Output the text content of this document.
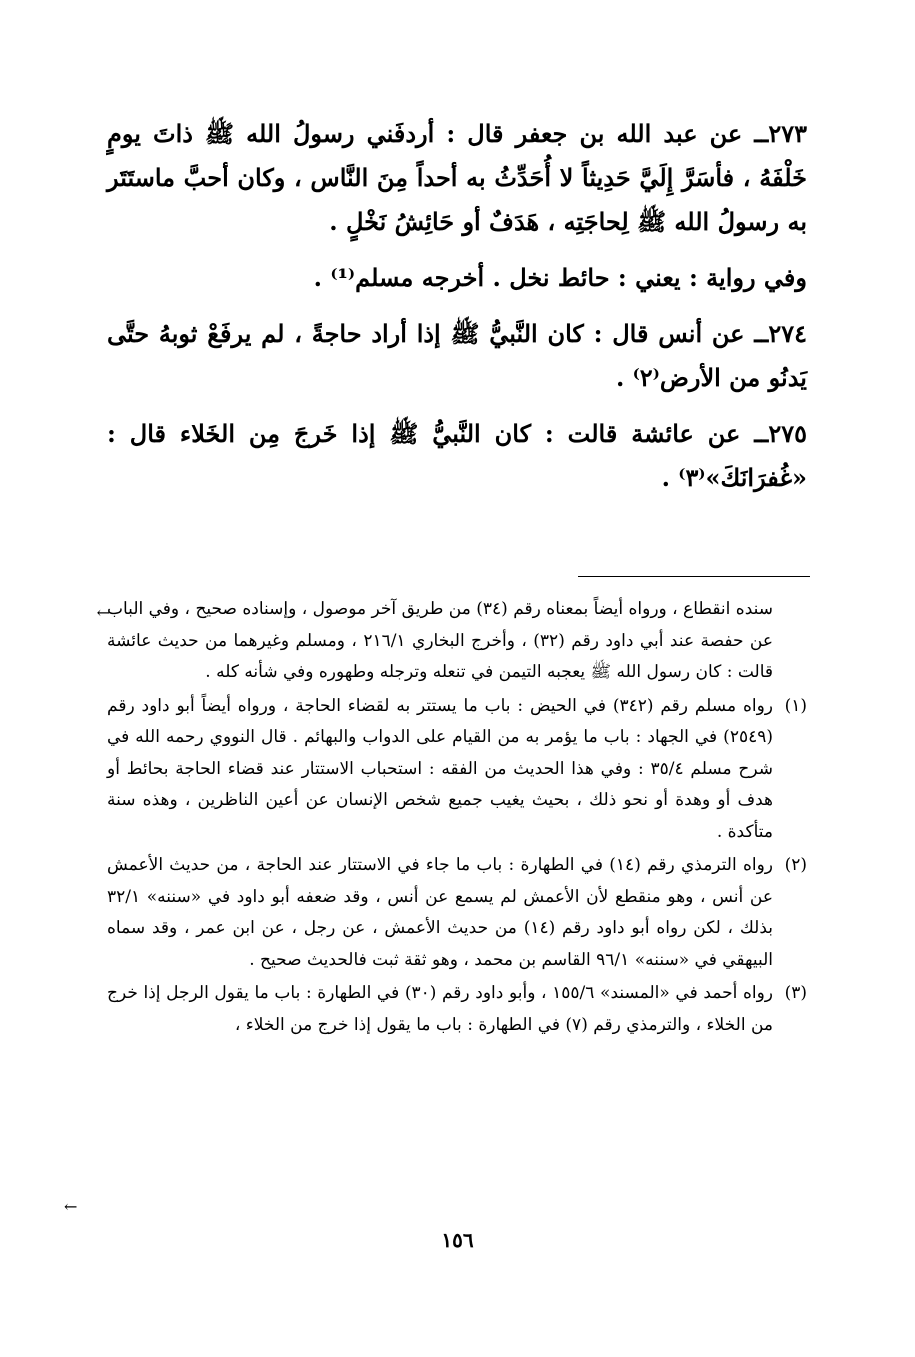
٢٧٣ــ عن عبد الله بن جعفر قال : أردفَني رسولُ الله ﷺ ذاتَ يومٍ خَلْفَهُ ، فأسَرَّ إِلَيَّ حَدِيثاً لا أُحَدِّثُ به أحداً مِنَ النَّاس ، وكان أحبَّ ماستَتَر به رسولُ الله ﷺ لِحاجَتِه ، هَدَفٌ أو حَائِشُ نَخْلٍ .

وفي رواية : يعني : حائط نخل . أخرجه مسلم⁽¹⁾ .

٢٧٤ــ عن أنس قال : كان النَّبيُّ ﷺ إذا أراد حاجةً ، لم يرفَعْ ثوبهُ حتَّى يَدنُو من الأرض⁽٢⁾ .

٢٧٥ــ عن عائشة قالت : كان النَّبيُّ ﷺ إذا خَرجَ مِن الخَلاء قال : «غُفرَانَكَ»⁽٣⁾ .

←
سنده انقطاع ، ورواه أيضاً بمعناه رقم (٣٤) من طريق آخر موصول ، وإسناده صحيح ، وفي الباب عن حفصة عند أبي داود رقم (٣٢) ، وأخرج البخاري ٢١٦/١ ، ومسلم وغيرهما من حديث عائشة قالت : كان رسول الله ﷺ يعجبه التيمن في تنعله وترجله وطهوره وفي شأنه كله .
(١)
رواه مسلم رقم (٣٤٢) في الحيض : باب ما يستتر به لقضاء الحاجة ، ورواه أيضاً أبو داود رقم (٢٥٤٩) في الجهاد : باب ما يؤمر به من القيام على الدواب والبهائم . قال النووي رحمه الله في شرح مسلم ٣٥/٤ : وفي هذا الحديث من الفقه : استحباب الاستتار عند قضاء الحاجة بحائط أو هدف أو وهدة أو نحو ذلك ، بحيث يغيب جميع شخص الإنسان عن أعين الناظرين ، وهذه سنة متأكدة .
(٢)
رواه الترمذي رقم (١٤) في الطهارة : باب ما جاء في الاستتار عند الحاجة ، من حديث الأعمش عن أنس ، وهو منقطع لأن الأعمش لم يسمع عن أنس ، وقد ضعفه أبو داود في «سننه» ٣٢/١ بذلك ، لكن رواه أبو داود رقم (١٤) من حديث الأعمش ، عن رجل ، عن ابن عمر ، وقد سماه البيهقي في «سننه» ٩٦/١ القاسم بن محمد ، وهو ثقة ثبت فالحديث صحيح .
(٣)
رواه أحمد في «المسند» ١٥٥/٦ ، وأبو داود رقم (٣٠) في الطهارة : باب ما يقول الرجل إذا خرج من الخلاء ، والترمذي رقم (٧) في الطهارة : باب ما يقول إذا خرج من الخلاء ،
←
١٥٦
